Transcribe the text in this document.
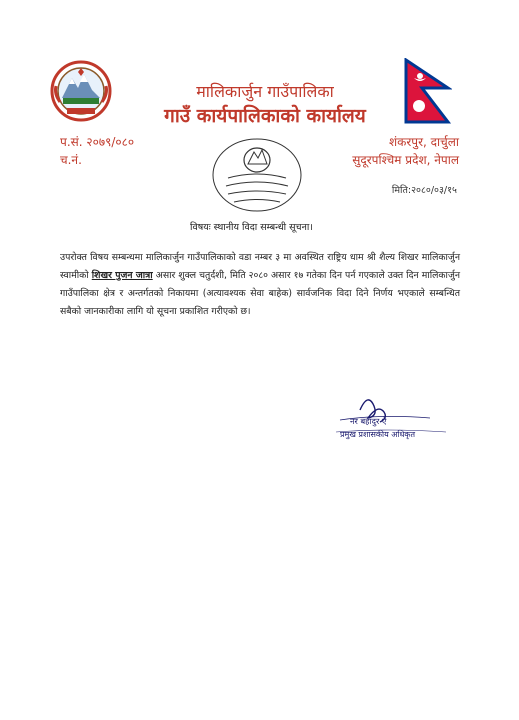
मालिकार्जुन गाउँपालिका
गाउँ कार्यपालिकाको कार्यालय
प.सं. २०७९/०८०
च.नं.
शंकरपुर, दार्चुला
सुदूरपश्चिम प्रदेश, नेपाल
मिति:२०८०/०३/१५
विषयः स्थानीय विदा सम्बन्धी सूचना।
उपरोक्त विषय सम्बन्धमा मालिकार्जुन गाउँपालिकाको वडा नम्बर ३ मा अवस्थित राष्ट्रिय धाम श्री शैल्य शिखर मालिकार्जुन स्वामीको शिखर पुजन जात्रा असार शुक्ल चतुर्दशी, मिति २०८० असार १७ गतेका दिन पर्न गएकाले उक्त दिन मालिकार्जुन गाउँपालिका क्षेत्र र अन्तर्गतको निकायमा (अत्यावश्यक सेवा बाहेक) सार्वजनिक विदा दिने निर्णय भएकाले सम्बन्धित सबैको जानकारीका लागि यो सूचना प्रकाशित गरीएको छ।
नर बहादुर ऐ
प्रमुख प्रशासकीय अधिकृत
